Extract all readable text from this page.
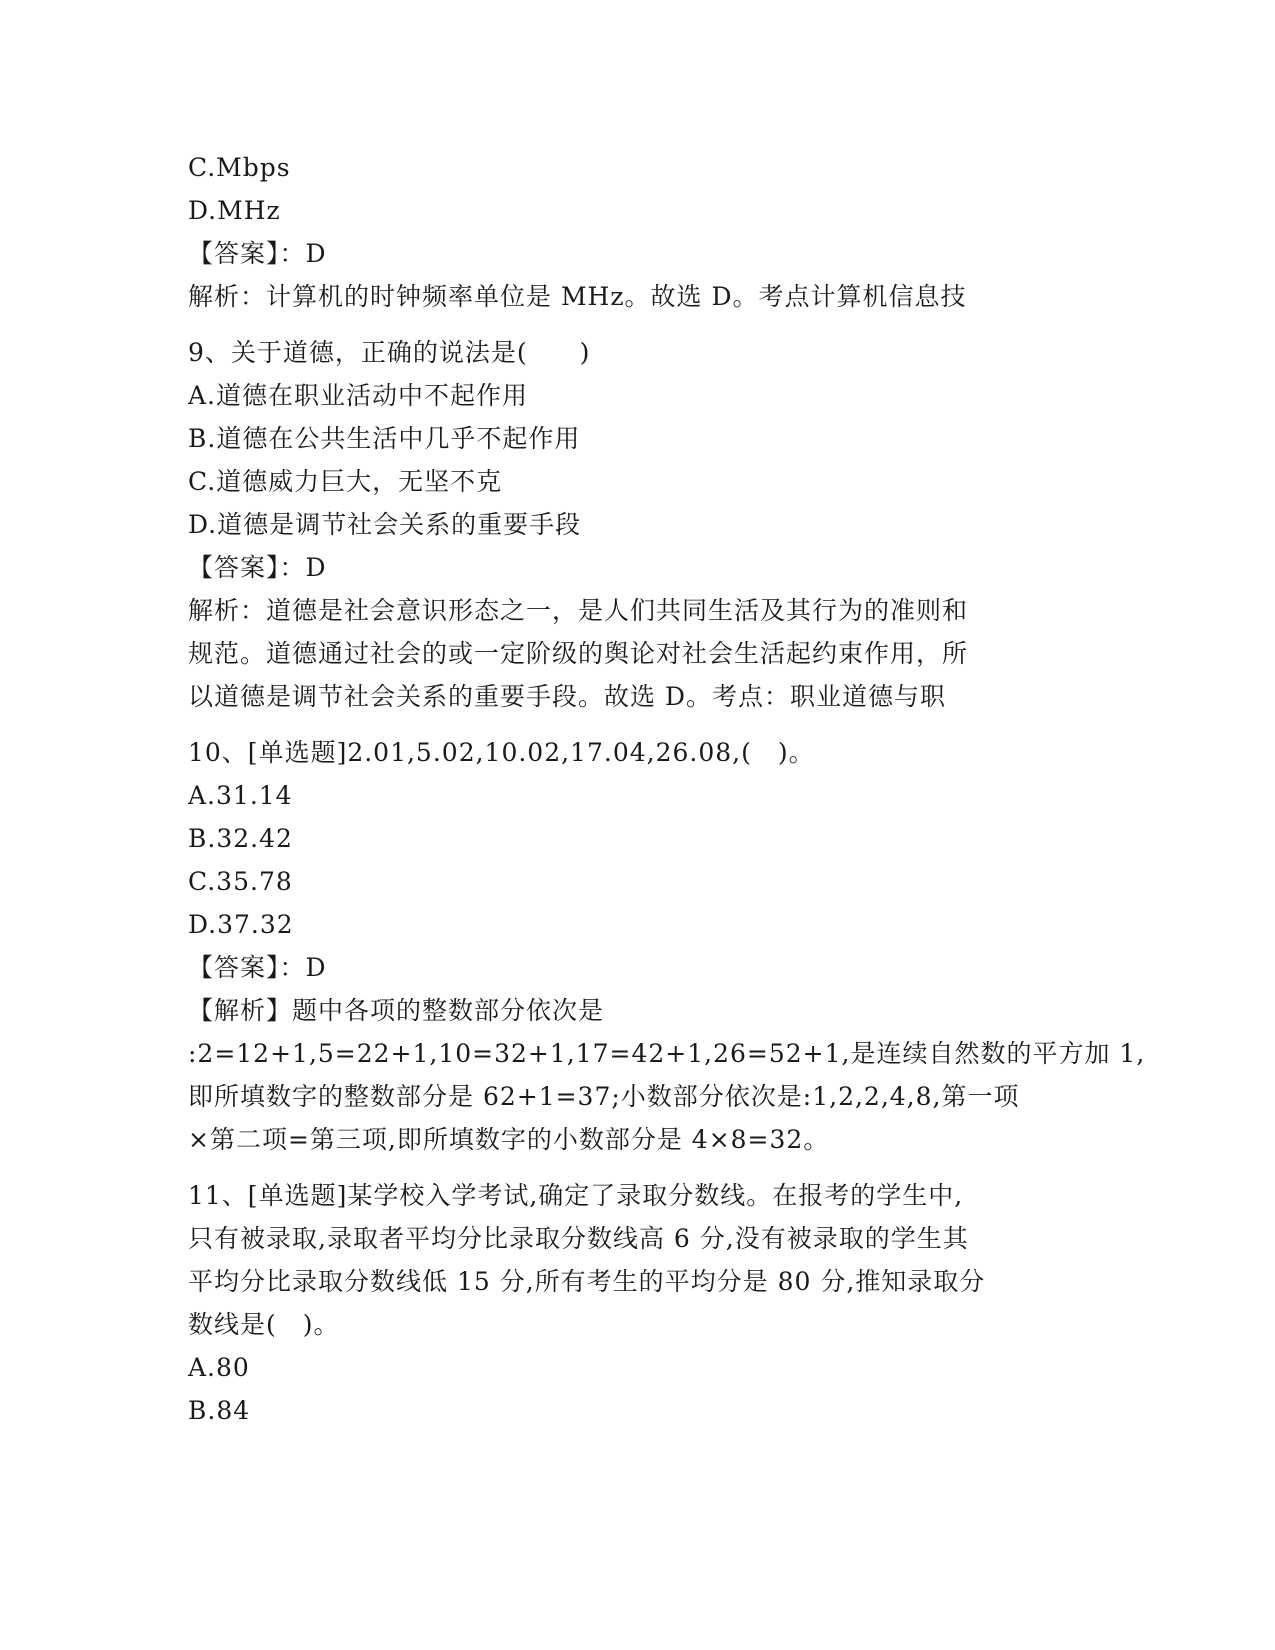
C.Mbps
D.MHz
【答案】：D
解析：计算机的时钟频率单位是 MHz。故选 D。考点计算机信息技
9、关于道德，正确的说法是(　　)
A.道德在职业活动中不起作用
B.道德在公共生活中几乎不起作用
C.道德威力巨大，无坚不克
D.道德是调节社会关系的重要手段
【答案】：D
解析：道德是社会意识形态之一，是人们共同生活及其行为的准则和
规范。道德通过社会的或一定阶级的舆论对社会生活起约束作用，所
以道德是调节社会关系的重要手段。故选 D。考点：职业道德与职
10、[单选题]2.01,5.02,10.02,17.04,26.08,(　)。
A.31.14
B.32.42
C.35.78
D.37.32
【答案】：D
【解析】题中各项的整数部分依次是
:2=12+1,5=22+1,10=32+1,17=42+1,26=52+1,是连续自然数的平方加 1,
即所填数字的整数部分是 62+1=37;小数部分依次是:1,2,2,4,8,第一项
×第二项=第三项,即所填数字的小数部分是 4×8=32。
11、[单选题]某学校入学考试,确定了录取分数线。在报考的学生中,
只有被录取,录取者平均分比录取分数线高 6 分,没有被录取的学生其
平均分比录取分数线低 15 分,所有考生的平均分是 80 分,推知录取分
数线是(　)。
A.80
B.84
